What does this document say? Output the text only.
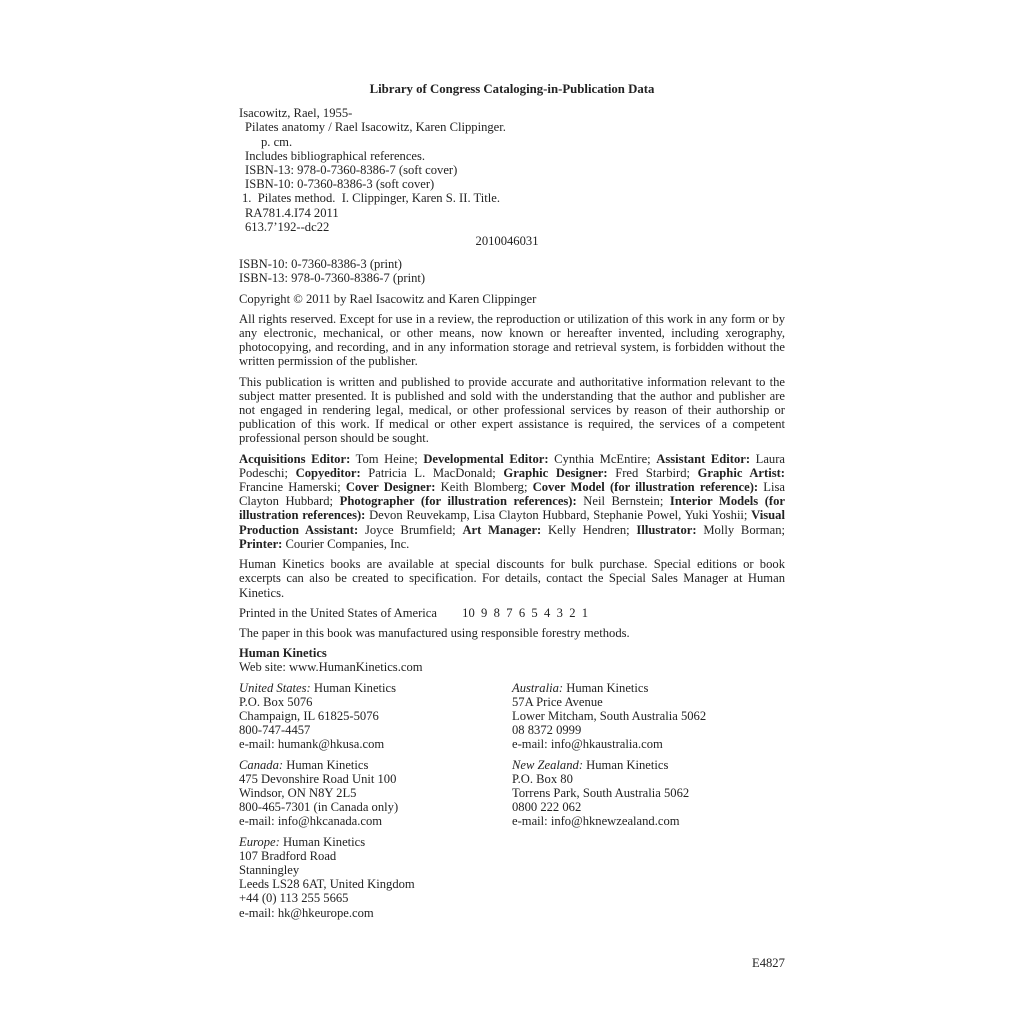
Library of Congress Cataloging-in-Publication Data
Isacowitz, Rael, 1955-
Pilates anatomy / Rael Isacowitz, Karen Clippinger.
p. cm.
Includes bibliographical references.
ISBN-13: 978-0-7360-8386-7 (soft cover)
ISBN-10: 0-7360-8386-3 (soft cover)
1.  Pilates method.  I. Clippinger, Karen S. II. Title.
RA781.4.I74 2011
613.7’192--dc22
2010046031
ISBN-10: 0-7360-8386-3 (print)
ISBN-13: 978-0-7360-8386-7 (print)
Copyright © 2011 by Rael Isacowitz and Karen Clippinger
All rights reserved. Except for use in a review, the reproduction or utilization of this work in any form or by any electronic, mechanical, or other means, now known or hereafter invented, including xerography, photocopying, and recording, and in any information storage and retrieval system, is forbidden without the written permission of the publisher.
This publication is written and published to provide accurate and authoritative information relevant to the subject matter presented. It is published and sold with the understanding that the author and publisher are not engaged in rendering legal, medical, or other professional services by reason of their authorship or publication of this work. If medical or other expert assistance is required, the services of a competent professional person should be sought.
Acquisitions Editor: Tom Heine; Developmental Editor: Cynthia McEntire; Assistant Editor: Laura Podeschi; Copyeditor: Patricia L. MacDonald; Graphic Designer: Fred Starbird; Graphic Artist: Francine Hamerski; Cover Designer: Keith Blomberg; Cover Model (for illustration reference): Lisa Clayton Hubbard; Photographer (for illustration references): Neil Bernstein; Interior Models (for illustration references): Devon Reuvekamp, Lisa Clayton Hubbard, Stephanie Powel, Yuki Yoshii; Visual Production Assistant: Joyce Brumfield; Art Manager: Kelly Hendren; Illustrator: Molly Borman; Printer: Courier Companies, Inc.
Human Kinetics books are available at special discounts for bulk purchase. Special editions or book excerpts can also be created to specification. For details, contact the Special Sales Manager at Human Kinetics.
Printed in the United States of America 10  9  8  7  6  5  4  3  2  1
The paper in this book was manufactured using responsible forestry methods.
Human Kinetics
Web site: www.HumanKinetics.com
United States: Human Kinetics
P.O. Box 5076
Champaign, IL 61825-5076
800-747-4457
e-mail: humank@hkusa.com
Canada: Human Kinetics
475 Devonshire Road Unit 100
Windsor, ON N8Y 2L5
800-465-7301 (in Canada only)
e-mail: info@hkcanada.com
Europe: Human Kinetics
107 Bradford Road
Stanningley
Leeds LS28 6AT, United Kingdom
+44 (0) 113 255 5665
e-mail: hk@hkeurope.com
Australia: Human Kinetics
57A Price Avenue
Lower Mitcham, South Australia 5062
08 8372 0999
e-mail: info@hkaustralia.com
New Zealand: Human Kinetics
P.O. Box 80
Torrens Park, South Australia 5062
0800 222 062
e-mail: info@hknewzealand.com
E4827
